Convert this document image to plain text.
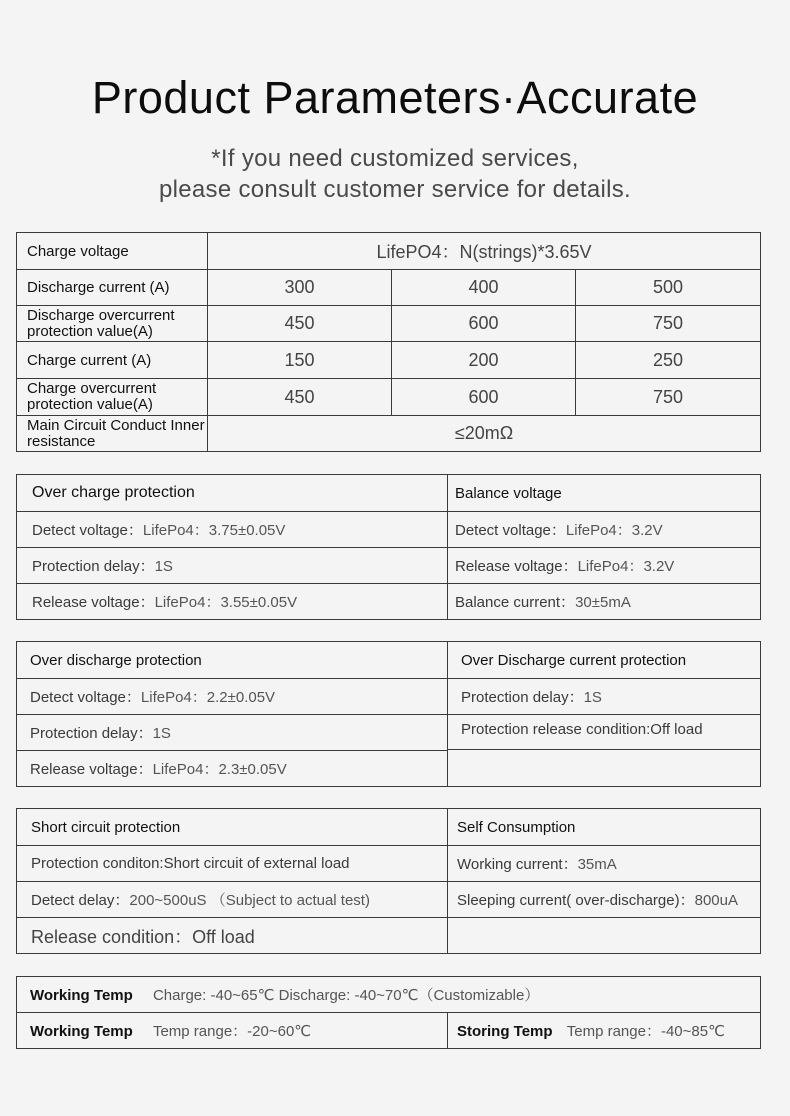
Product Parameters·Accurate
*If you need customized services,
please consult customer service for details.
Charge voltage	LifePO4：N(strings)*3.65V		
Discharge current (A)	300	400	500
Discharge overcurrent protection value(A)	450	600	750
Charge current (A)	150	200	250
Charge overcurrent protection value(A)	450	600	750
Main Circuit Conduct Inner resistance	≤20mΩ		
Over charge protection	Balance voltage
Detect voltage：LifePo4：3.75±0.05V	Detect voltage：LifePo4：3.2V
Protection delay：1S	Release voltage：LifePo4：3.2V
Release voltage：LifePo4：3.55±0.05V	Balance current：30±5mA
Over discharge protection	Over Discharge current protection
Detect voltage：LifePo4：2.2±0.05V	Protection delay：1S
Protection delay：1S	Protection release condition:Off load
Release voltage：LifePo4：2.3±0.05V	
Short circuit protection	Self Consumption
Protection conditon:Short circuit of external load	Working current：35mA
Detect delay：200~500uS （Subject to actual test)	Sleeping current( over-discharge)：800uA
Release condition：Off load	
Working Temp Charge: -40~65℃ Discharge: -40~70℃（Customizable）
Working Temp Temp range：-20~60℃	Storing Temp Temp range：-40~85℃
